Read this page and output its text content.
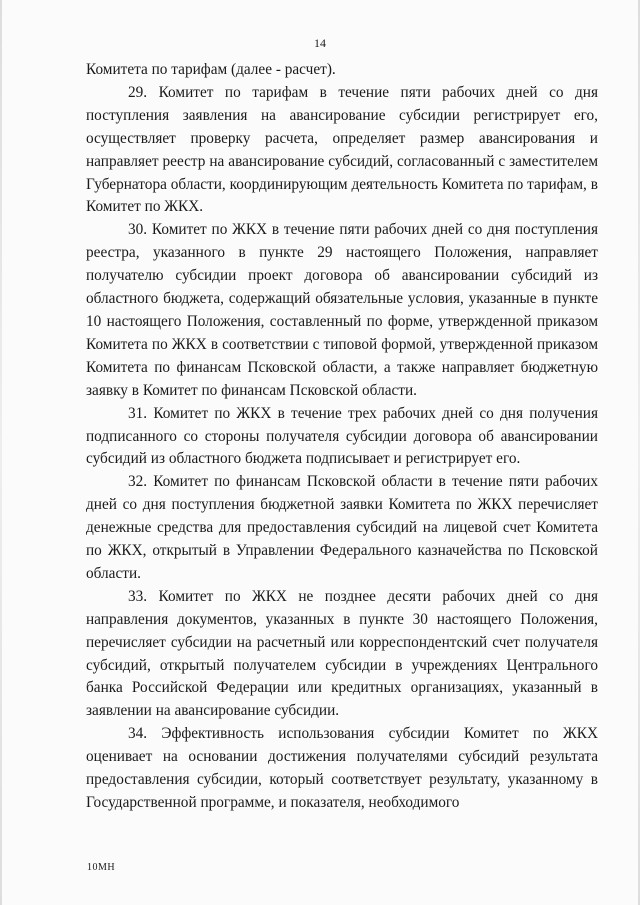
14

Комитета по тарифам (далее - расчет).

29. Комитет по тарифам в течение пяти рабочих дней со дня поступления заявления на авансирование субсидии регистрирует его, осуществляет проверку расчета, определяет размер авансирования и направляет реестр на авансирование субсидий, согласованный с заместителем Губернатора области, координирующим деятельность Комитета по тарифам, в Комитет по ЖКХ.

30. Комитет по ЖКХ в течение пяти рабочих дней со дня поступления реестра, указанного в пункте 29 настоящего Положения, направляет получателю субсидии проект договора об авансировании субсидий из областного бюджета, содержащий обязательные условия, указанные в пункте 10 настоящего Положения, составленный по форме, утвержденной приказом Комитета по ЖКХ в соответствии с типовой формой, утвержденной приказом Комитета по финансам Псковской области, а также направляет бюджетную заявку в Комитет по финансам Псковской области.

31. Комитет по ЖКХ в течение трех рабочих дней со дня получения подписанного со стороны получателя субсидии договора об авансировании субсидий из областного бюджета подписывает и регистрирует его.

32. Комитет по финансам Псковской области в течение пяти рабочих дней со дня поступления бюджетной заявки Комитета по ЖКХ перечисляет денежные средства для предоставления субсидий на лицевой счет Комитета по ЖКХ, открытый в Управлении Федерального казначейства по Псковской области.

33. Комитет по ЖКХ не позднее десяти рабочих дней со дня направления документов, указанных в пункте 30 настоящего Положения, перечисляет субсидии на расчетный или корреспондентский счет получателя субсидий, открытый получателем субсидии в учреждениях Центрального банка Российской Федерации или кредитных организациях, указанный в заявлении на авансирование субсидии.

34. Эффективность использования субсидии Комитет по ЖКХ оценивает на основании достижения получателями субсидий результата предоставления субсидии, который соответствует результату, указанному в Государственной программе, и показателя, необходимого

10МН
